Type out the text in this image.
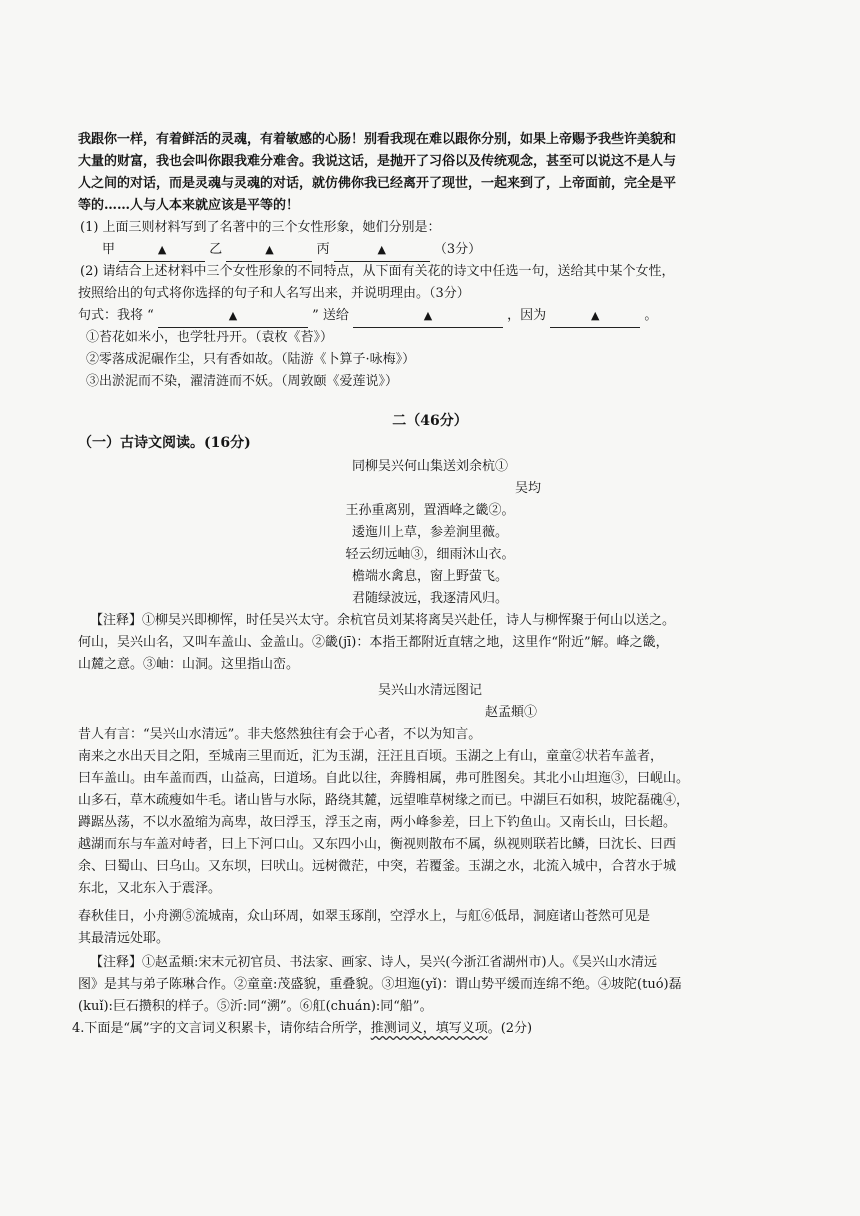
我跟你一样，有着鲜活的灵魂，有着敏感的心肠！别看我现在难以跟你分别，如果上帝赐予我些许美貌和
大量的财富，我也会叫你跟我难分难舍。我说这话，是抛开了习俗以及传统观念，甚至可以说这不是人与
人之间的对话，而是灵魂与灵魂的对话，就仿佛你我已经离开了现世，一起来到了，上帝面前，完全是平
等的……人与人本来就应该是平等的！
(1) 上面三则材料写到了名著中的三个女性形象，她们分别是：
甲	▲	乙	▲	丙	▲	（3分）
(2) 请结合上述材料中三个女性形象的不同特点，从下面有关花的诗文中任选一句，送给其中某个女性，
按照给出的句式将你选择的句子和人名写出来，并说明理由。（3分）
句式：我将 “	▲	” 送给	▲	，因为	▲	。
①苔花如米小，也学牡丹开。（袁枚《苔》）
②零落成泥碾作尘，只有香如故。（陆游《卜算子·咏梅》）
③出淤泥而不染，濯清涟而不妖。（周敦颐《爱莲说》）
二（46分）
（一）古诗文阅读。(16分)
同柳吴兴何山集送刘余杭①
吴均
王孙重离别，置酒峰之畿②。
逶迤川上草，参差涧里薇。
轻云纫远岫③，细雨沐山衣。
檐端水禽息，窗上野萤飞。
君随绿波远，我逐清风归。
【注释】①柳吴兴即柳恽，时任吴兴太守。余杭官员刘某将离吴兴赴任，诗人与柳恽聚于何山以送之。
何山，吴兴山名，又叫车盖山、金盖山。②畿(jī)：本指王都附近直辖之地，这里作“附近”解。峰之畿，
山麓之意。③岫：山洞。这里指山峦。
吴兴山水清远图记
赵孟頫①
昔人有言：“吴兴山水清远”。非夫悠然独往有会于心者，不以为知言。
南来之水出天目之阳，至城南三里而近，汇为玉湖，汪汪且百顷。玉湖之上有山，童童②状若车盖者，
曰车盖山。由车盖而西，山益高，曰道场。自此以往，奔腾相属，弗可胜图矣。其北小山坦迤③，曰岘山。
山多石，草木疏瘦如牛毛。诸山皆与水际，路绕其麓，远望唯草树缘之而已。中湖巨石如积，坡陀磊磈④，
蹲踞丛荡，不以水盈缩为高卑，故曰浮玉，浮玉之南，两小峰参差，曰上下钓鱼山。又南长山，曰长超。
越湖而东与车盖对峙者，曰上下河口山。又东四小山，衡视则散布不属，纵视则联若比鳞，曰沈长、曰西
余、曰蜀山、曰乌山。又东坝，曰吠山。远树微茫，中突，若覆釜。玉湖之水，北流入城中，合苕水于城
东北，又北东入于震泽。
春秋佳日，小舟溯⑤流城南，众山环周，如翠玉琢削，空浮水上，与舡⑥低昂，洞庭诸山苍然可见是
其最清远处耶。
【注释】①赵孟頫:宋末元初官员、书法家、画家、诗人，吴兴(今浙江省湖州市)人。《吴兴山水清远
图》是其与弟子陈琳合作。②童童:茂盛貌，重叠貌。③坦迤(yǐ)：谓山势平缓而连绵不绝。④坡陀(tuó)磊
(kuǐ):巨石攒积的样子。⑤沂:同“溯”。⑥舡(chuán):同“船”。
4.下面是“属”字的文言词义积累卡，请你结合所学，推测词义，填写义项。(2分)
